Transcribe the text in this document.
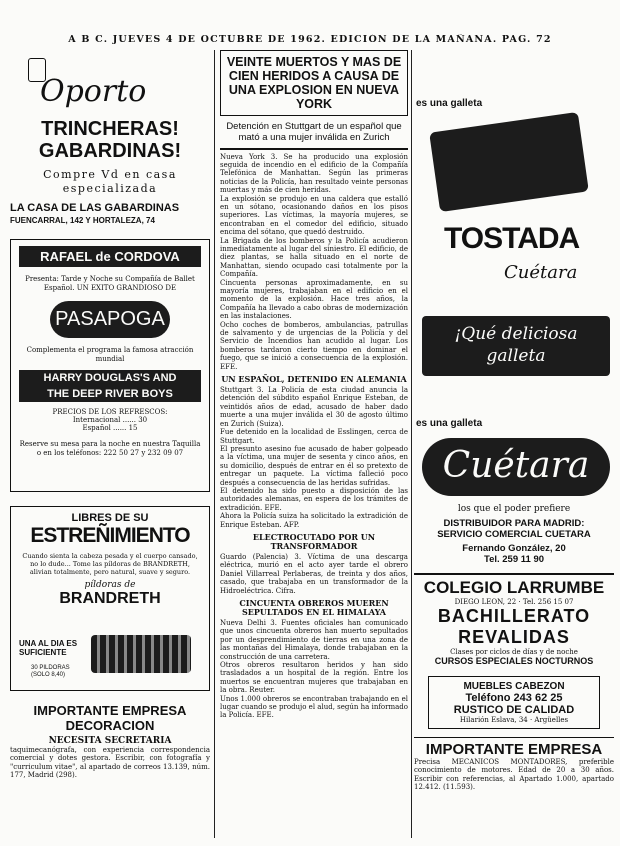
A B C. JUEVES 4 DE OCTUBRE DE 1962. EDICIÓN DE LA MAÑANA. PAG. 72
Oporto
TRINCHERAS!
GABARDINAS!
Compre Vd en casa especializada
LA CASA DE LAS GABARDINAS
FUENCARRAL, 142 Y HORTALEZA, 74
RAFAEL de CORDOVA
Presenta: Tarde y Noche su Compañía de Ballet Español. UN EXITO GRANDIOSO DE
PASAPOGA
Complementa el programa la famosa atracción mundial
HARRY DOUGLAS'S AND
THE DEEP RIVER BOYS
PRECIOS DE LOS REFRESCOS:
Internacional ...... 30
Español ...... 15
Reserve su mesa para la noche en nuestra Taquilla o en los teléfonos: 222 50 27 y 232 09 07
LIBRES DE SU
ESTREÑIMIENTO
Cuando sienta la cabeza pesada y el cuerpo cansado, no lo dude... Tome las píldoras de BRANDRETH, alivian totalmente, pero natural, suave y seguro.
píldoras de
BRANDRETH
UNA AL DIA ES SUFICIENTE
30 PILDORAS (SOLO 8,40)
IMPORTANTE EMPRESA DECORACION
NECESITA SECRETARIA
taquimecanógrafa, con experiencia correspondencia comercial y dotes gestora. Escribir, con fotografía y "curriculum vitae", al apartado de correos 13.139, núm. 177, Madrid (298).
VEINTE MUERTOS Y MAS DE CIEN HERIDOS A CAUSA DE UNA EXPLOSION EN NUEVA YORK
Detención en Stuttgart de un español que mató a una mujer inválida en Zurich

Nueva York 3. Se ha producido una explosión seguida de incendio en el edificio de la Compañía Telefónica de Manhattan. Según las primeras noticias de la Policía, han resultado veinte personas muertas y más de cien heridas.

La explosión se produjo en una caldera que estalló en un sótano, ocasionando daños en los pisos superiores. Las víctimas, la mayoría mujeres, se encontraban en el comedor del edificio, situado encima del sótano, que quedó destruido.

La Brigada de los bomberos y la Policía acudieron inmediatamente al lugar del siniestro. El edificio, de diez plantas, se halla situado en el norte de Manhattan, siendo ocupado casi totalmente por la Compañía.

Cincuenta personas aproximadamente, en su mayoría mujeres, trabajaban en el edificio en el momento de la explosión. Hace tres años, la Compañía ha llevado a cabo obras de modernización en las instalaciones.

Ocho coches de bomberos, ambulancias, patrullas de salvamento y de urgencias de la Policía y del Servicio de Incendios han acudido al lugar. Los bomberos tardaron cierto tiempo en dominar el fuego, que se inició a consecuencia de la explosión. EFE.

UN ESPAÑOL, DETENIDO EN ALEMANIA

Stuttgart 3. La Policía de esta ciudad anuncia la detención del súbdito español Enrique Esteban, de veintidós años de edad, acusado de haber dado muerte a una mujer inválida el 30 de agosto último en Zurich (Suiza).

Fue detenido en la localidad de Esslingen, cerca de Stuttgart.

El presunto asesino fue acusado de haber golpeado a la víctima, una mujer de sesenta y cinco años, en su domicilio, después de entrar en él so pretexto de entregar un paquete. La víctima falleció poco después a consecuencia de las heridas sufridas.

El detenido ha sido puesto a disposición de las autoridades alemanas, en espera de los trámites de extradición. EFE.

Ahora la Policía suiza ha solicitado la extradición de Enrique Esteban. AFP.

ELECTROCUTADO POR UN TRANSFORMADOR

Guardo (Palencia) 3. Víctima de una descarga eléctrica, murió en el acto ayer tarde el obrero Daniel Villarreal Perlaberas, de treinta y dos años, casado, que trabajaba en un transformador de la Hidroeléctrica. Cifra.

CINCUENTA OBREROS MUEREN SEPULTADOS EN EL HIMALAYA

Nueva Delhi 3. Fuentes oficiales han comunicado que unos cincuenta obreros han muerto sepultados por un desprendimiento de tierras en una zona de las montañas del Himalaya, donde trabajaban en la construcción de una carretera.

Otros obreros resultaron heridos y han sido trasladados a un hospital de la región. Entre los muertos se encuentran mujeres que trabajaban en la obra. Reuter.

Unos 1.000 obreros se encontraban trabajando en el lugar cuando se produjo el alud, según ha informado la Policía. EFE.

es una galleta
TOSTADA
Cuétara
¡Qué deliciosa galleta
es una galleta
Cuétara
los que el poder prefiere
DISTRIBUIDOR PARA MADRID:
SERVICIO COMERCIAL CUETARA
Fernando González, 20
Tel. 259 11 90
COLEGIO LARRUMBE
DIEGO LEON, 22 · Tel. 256 15 07
BACHILLERATO
REVALIDAS
Clases por ciclos de días y de noche
CURSOS ESPECIALES NOCTURNOS
MUEBLES CABEZON
Teléfono 243 62 25
RUSTICO DE CALIDAD
Hilarión Eslava, 34 · Argüelles
IMPORTANTE EMPRESA
Precisa MECANICOS MONTADORES, preferible conocimiento de motores. Edad de 20 a 30 años. Escribir con referencias, al Apartado 1.000, apartado 12.412. (11.593).
